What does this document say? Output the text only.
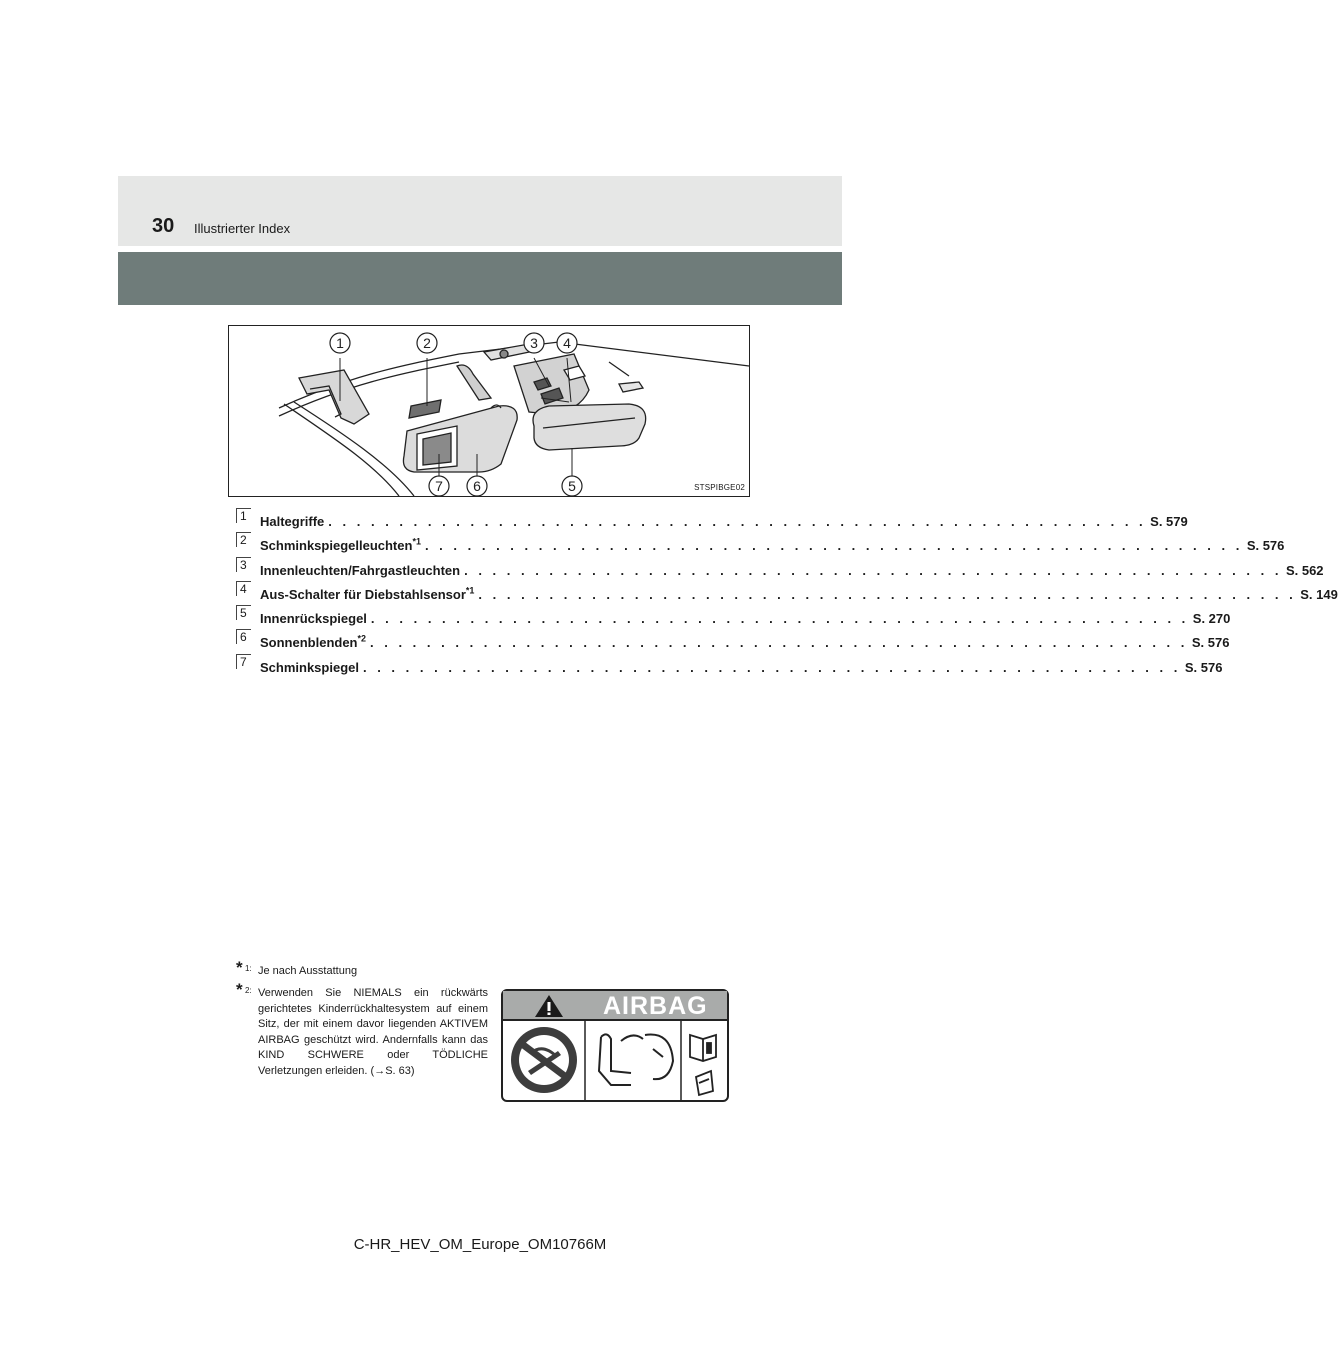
30 Illustrierter Index
1	2	3 4
5
6
7	STSPIBGE02
1	Haltegriffe . . . . . . . . . . . . . . . . . . . . . . . . . . . . . . . . . . . . . . . . . . . . . . . . . . . . . . . . . . S. 579
2	Schminkspiegelleuchten$^{*1}$ . . . . . . . . . . . . . . . . . . . . . . . . . . . . . . . . . . . . . . . . . . . . . . . . . . . . . . . . . . S. 576
3	Innenleuchten/Fahrgastleuchten . . . . . . . . . . . . . . . . . . . . . . . . . . . . . . . . . . . . . . . . . . . . . . . . . . . . . . . . . . S. 562
4	Aus-Schalter für Diebstahlsensor$^{*1}$ . . . . . . . . . . . . . . . . . . . . . . . . . . . . . . . . . . . . . . . . . . . . . . . . . . . . . . . . . . S. 149
5	Innenrückspiegel . . . . . . . . . . . . . . . . . . . . . . . . . . . . . . . . . . . . . . . . . . . . . . . . . . . . . . . . . . S. 270
6	Sonnenblenden$^{*2}$ . . . . . . . . . . . . . . . . . . . . . . . . . . . . . . . . . . . . . . . . . . . . . . . . . . . . . . . . . . S. 576
7	Schminkspiegel . . . . . . . . . . . . . . . . . . . . . . . . . . . . . . . . . . . . . . . . . . . . . . . . . . . . . . . . . . S. 576
* 1: Je nach Ausstattung
* 2: Verwenden Sie NIEMALS ein rückwärts gerichtetes Kinderrückhaltesystem auf einem Sitz, der mit einem davor liegenden AKTIVEM AIRBAG geschützt wird. Andernfalls kann das KIND SCHWERE oder TÖDLICHE Verletzungen erleiden. (→S. 63)
AIRBAG
C-HR_HEV_OM_Europe_OM10766M
